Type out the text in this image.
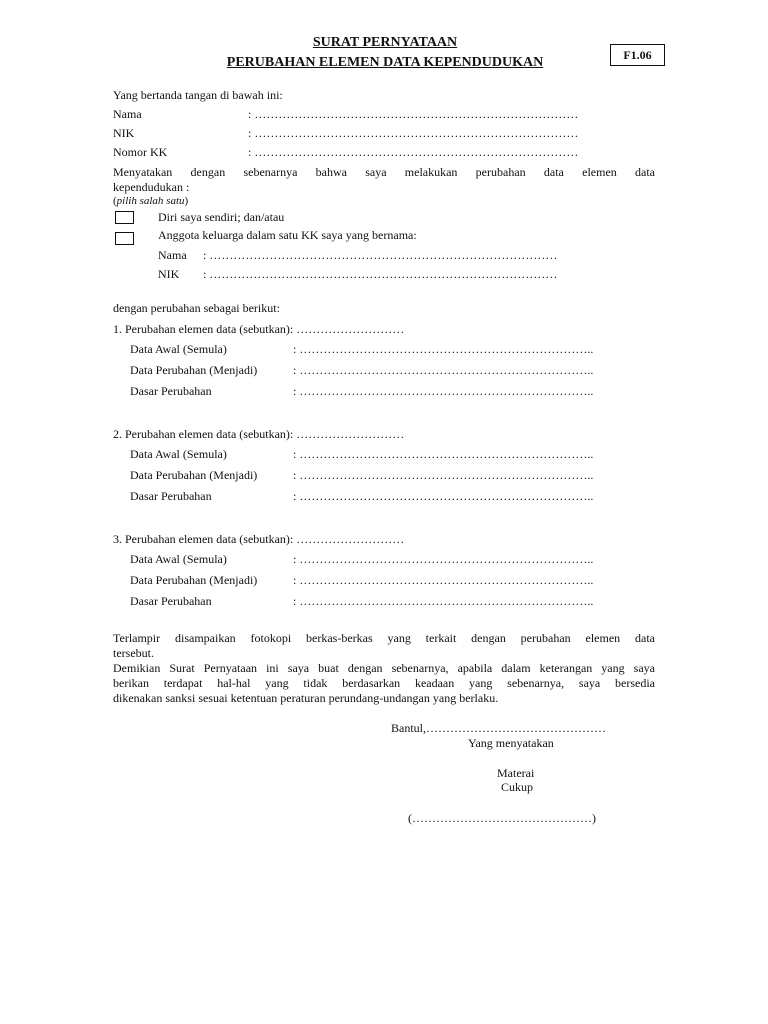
SURAT PERNYATAAN
PERUBAHAN ELEMEN DATA KEPENDUDUKAN
F1.06
Yang bertanda tangan di bawah ini:
Nama	: ………………………………………………………………………
NIK	: ………………………………………………………………………
Nomor KK	: ………………………………………………………………………
Menyatakan dengan sebenarnya bahwa saya melakukan perubahan data elemen data
kependudukan :
(pilih salah satu)
Diri saya sendiri; dan/atau
Anggota keluarga dalam satu KK saya yang bernama:
Nama : ……………………………………………………………………………
NIK : ……………………………………………………………………………
dengan perubahan sebagai berikut:
1. Perubahan elemen data (sebutkan): ………………………
Data Awal (Semula)	: ………………………………………………………………..
Data Perubahan (Menjadi)	: ………………………………………………………………..
Dasar Perubahan	: ………………………………………………………………..
2. Perubahan elemen data (sebutkan): ………………………
Data Awal (Semula)	: ………………………………………………………………..
Data Perubahan (Menjadi)	: ………………………………………………………………..
Dasar Perubahan	: ………………………………………………………………..
3. Perubahan elemen data (sebutkan): ………………………
Data Awal (Semula)	: ………………………………………………………………..
Data Perubahan (Menjadi)	: ………………………………………………………………..
Dasar Perubahan	: ………………………………………………………………..
Terlampir disampaikan fotokopi berkas-berkas yang terkait dengan perubahan elemen data
tersebut.
Demikian Surat Pernyataan ini saya buat dengan sebenarnya, apabila dalam keterangan yang saya
berikan terdapat hal-hal yang tidak berdasarkan keadaan yang sebenarnya, saya bersedia
dikenakan sanksi sesuai ketentuan peraturan perundang-undangan yang berlaku.
Bantul,………………………………………
Yang menyatakan
Materai
Cukup
(………………………………………)
